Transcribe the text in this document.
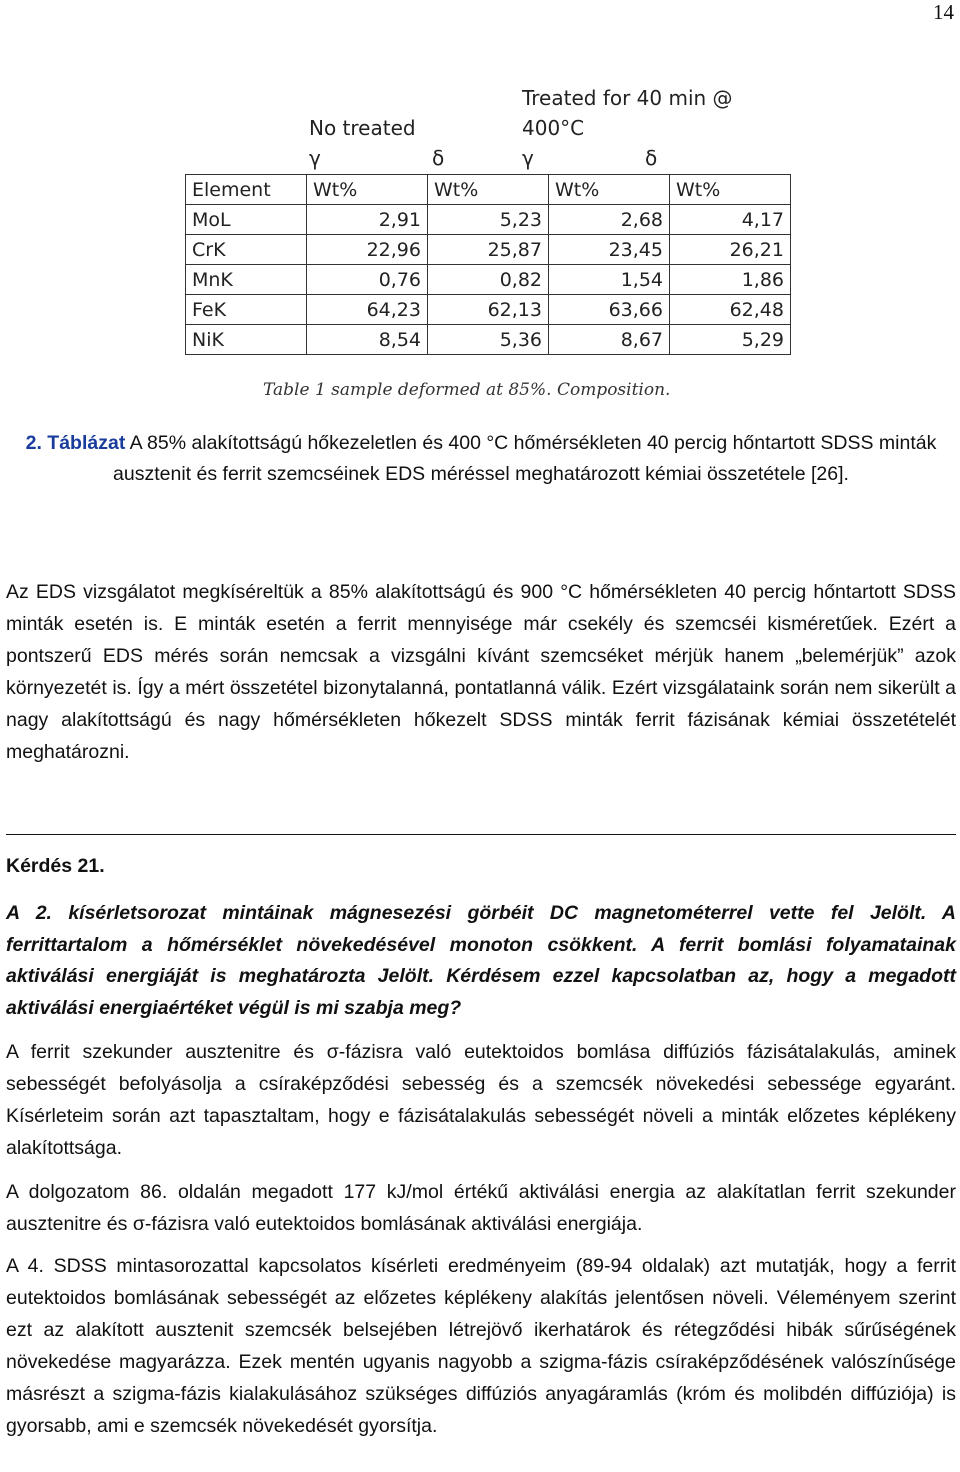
14
No treated
Treated for 40 min @
400°C
γ	δ	γ	δ
Element	Wt%	Wt%	Wt%	Wt%
MoL	2,91	5,23	2,68	4,17
CrK	22,96	25,87	23,45	26,21
MnK	0,76	0,82	1,54	1,86
FeK	64,23	62,13	63,66	62,48
NiK	8,54	5,36	8,67	5,29
Table 1 sample deformed at 85%. Composition.
2. Táblázat A 85% alakítottságú hőkezeletlen és 400 °C hőmérsékleten 40 percig hőntartott SDSS minták ausztenit és ferrit szemcséinek EDS méréssel meghatározott kémiai összetétele [26].

Az EDS vizsgálatot megkíséreltük a 85% alakítottságú és 900 °C hőmérsékleten 40 percig hőntartott SDSS minták esetén is. E minták esetén a ferrit mennyisége már csekély és szemcséi kisméretűek. Ezért a pontszerű EDS mérés során nemcsak a vizsgálni kívánt szemcséket mérjük hanem „belemérjük” azok környezetét is. Így a mért összetétel bizonytalanná, pontatlanná válik. Ezért vizsgálataink során nem sikerült a nagy alakítottságú és nagy hőmérsékleten hőkezelt SDSS minták ferrit fázisának kémiai összetételét meghatározni.

Kérdés 21.

A 2. kísérletsorozat mintáinak mágnesezési görbéit DC magnetométerrel vette fel Jelölt. A ferrittartalom a hőmérséklet növekedésével monoton csökkent. A ferrit bomlási folyamatainak aktiválási energiáját is meghatározta Jelölt. Kérdésem ezzel kapcsolatban az, hogy a megadott aktiválási energiaértéket végül is mi szabja meg?

A ferrit szekunder ausztenitre és σ-fázisra való eutektoidos bomlása diffúziós fázisátalakulás, aminek sebességét befolyásolja a csíraképződési sebesség és a szemcsék növekedési sebessége egyaránt. Kísérleteim során azt tapasztaltam, hogy e fázisátalakulás sebességét növeli a minták előzetes képlékeny alakítottsága.

A dolgozatom 86. oldalán megadott 177 kJ/mol értékű aktiválási energia az alakítatlan ferrit szekunder ausztenitre és σ-fázisra való eutektoidos bomlásának aktiválási energiája.

A 4. SDSS mintasorozattal kapcsolatos kísérleti eredményeim (89-94 oldalak) azt mutatják, hogy a ferrit eutektoidos bomlásának sebességét az előzetes képlékeny alakítás jelentősen növeli. Véleményem szerint ezt az alakított ausztenit szemcsék belsejében létrejövő ikerhatárok és rétegződési hibák sűrűségének növekedése magyarázza. Ezek mentén ugyanis nagyobb a szigma-fázis csíraképződésének valószínűsége másrészt a szigma-fázis kialakulásához szükséges diffúziós anyagáramlás (króm és molibdén diffúziója) is gyorsabb, ami e szemcsék növekedését gyorsítja.
